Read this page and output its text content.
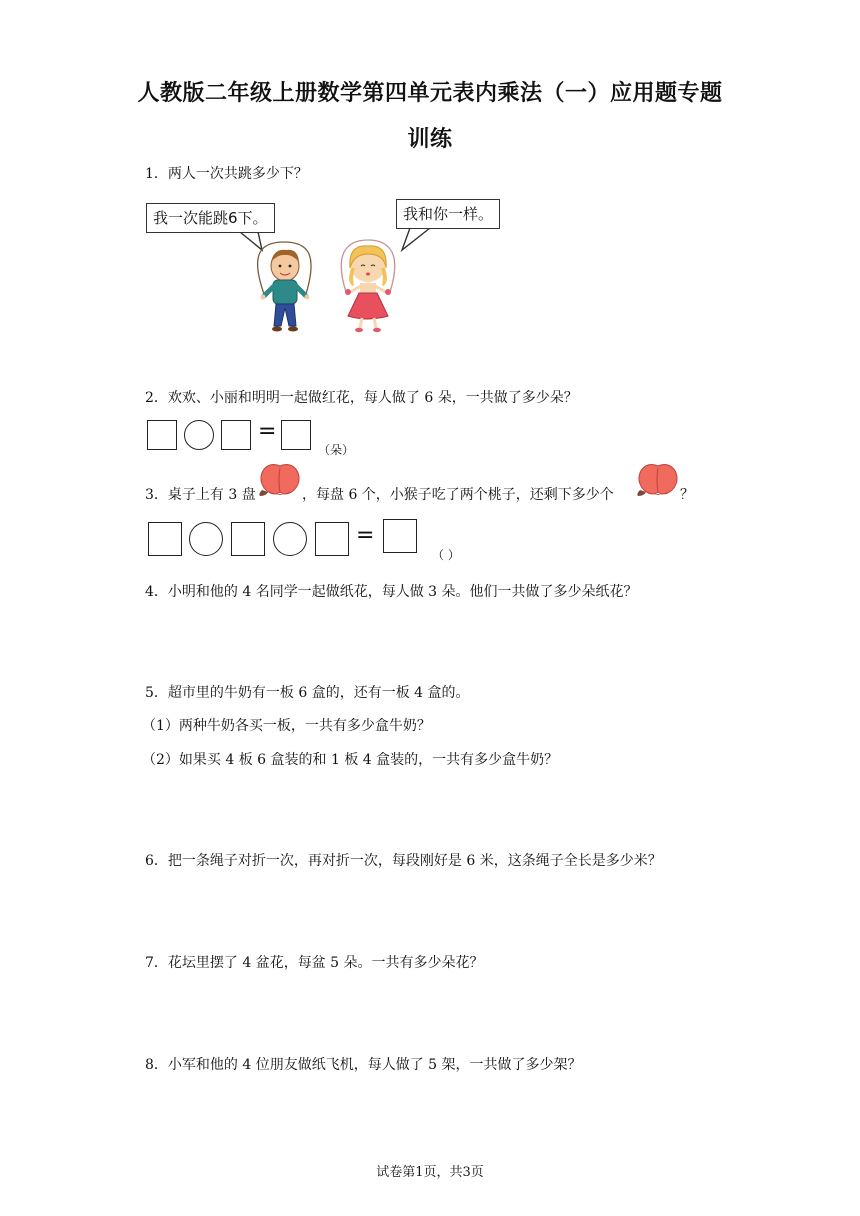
人教版二年级上册数学第四单元表内乘法（一）应用题专题
训练
1．两人一次共跳多少下？
我一次能跳6下。	我和你一样。
2．欢欢、小丽和明明一起做红花，每人做了 6 朵，一共做了多少朵？
=
（朵）
3．桌子上有 3 盘	，每盘 6 个，小猴子吃了两个桃子，还剩下多少个	？
=
（ ）
4．小明和他的 4 名同学一起做纸花，每人做 3 朵。他们一共做了多少朵纸花？
5．超市里的牛奶有一板 6 盒的，还有一板 4 盒的。
（1）两种牛奶各买一板，一共有多少盒牛奶？
（2）如果买 4 板 6 盒装的和 1 板 4 盒装的，一共有多少盒牛奶？
6．把一条绳子对折一次，再对折一次，每段刚好是 6 米，这条绳子全长是多少米？
7．花坛里摆了 4 盆花，每盆 5 朵。一共有多少朵花？
8．小军和他的 4 位朋友做纸飞机，每人做了 5 架，一共做了多少架？
试卷第1页，共3页
